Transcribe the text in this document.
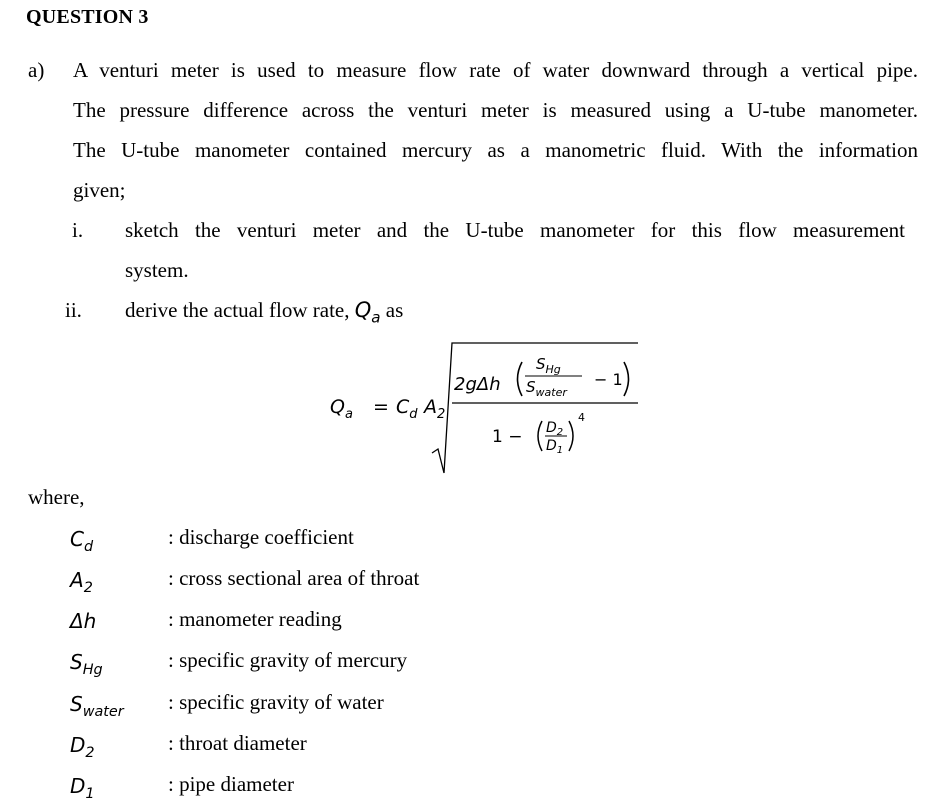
QUESTION 3
a) A venturi meter is used to measure flow rate of water downward through a vertical pipe.
The pressure difference across the venturi meter is measured using a U-tube manometer.
The U-tube manometer contained mercury as a manometric fluid. With the information
given;
i. sketch the venturi meter and the U-tube manometer for this flow measurement
system.
ii. derive the actual flow rate, $Q_a$ as
$Q_a = C_d$ $A_2$
2gΔh
$S_{Hg}$
$S_{water}$
− 1
$1 - D_2$
$D_1$
4
where,
$C_d$	: discharge coefficient
$A_2$	: cross sectional area of throat
Δh	: manometer reading
$S_{Hg}$	: specific gravity of mercury
$S_{water}$ : specific gravity of water
$D_2$	: throat diameter
$D_1$	: pipe diameter
